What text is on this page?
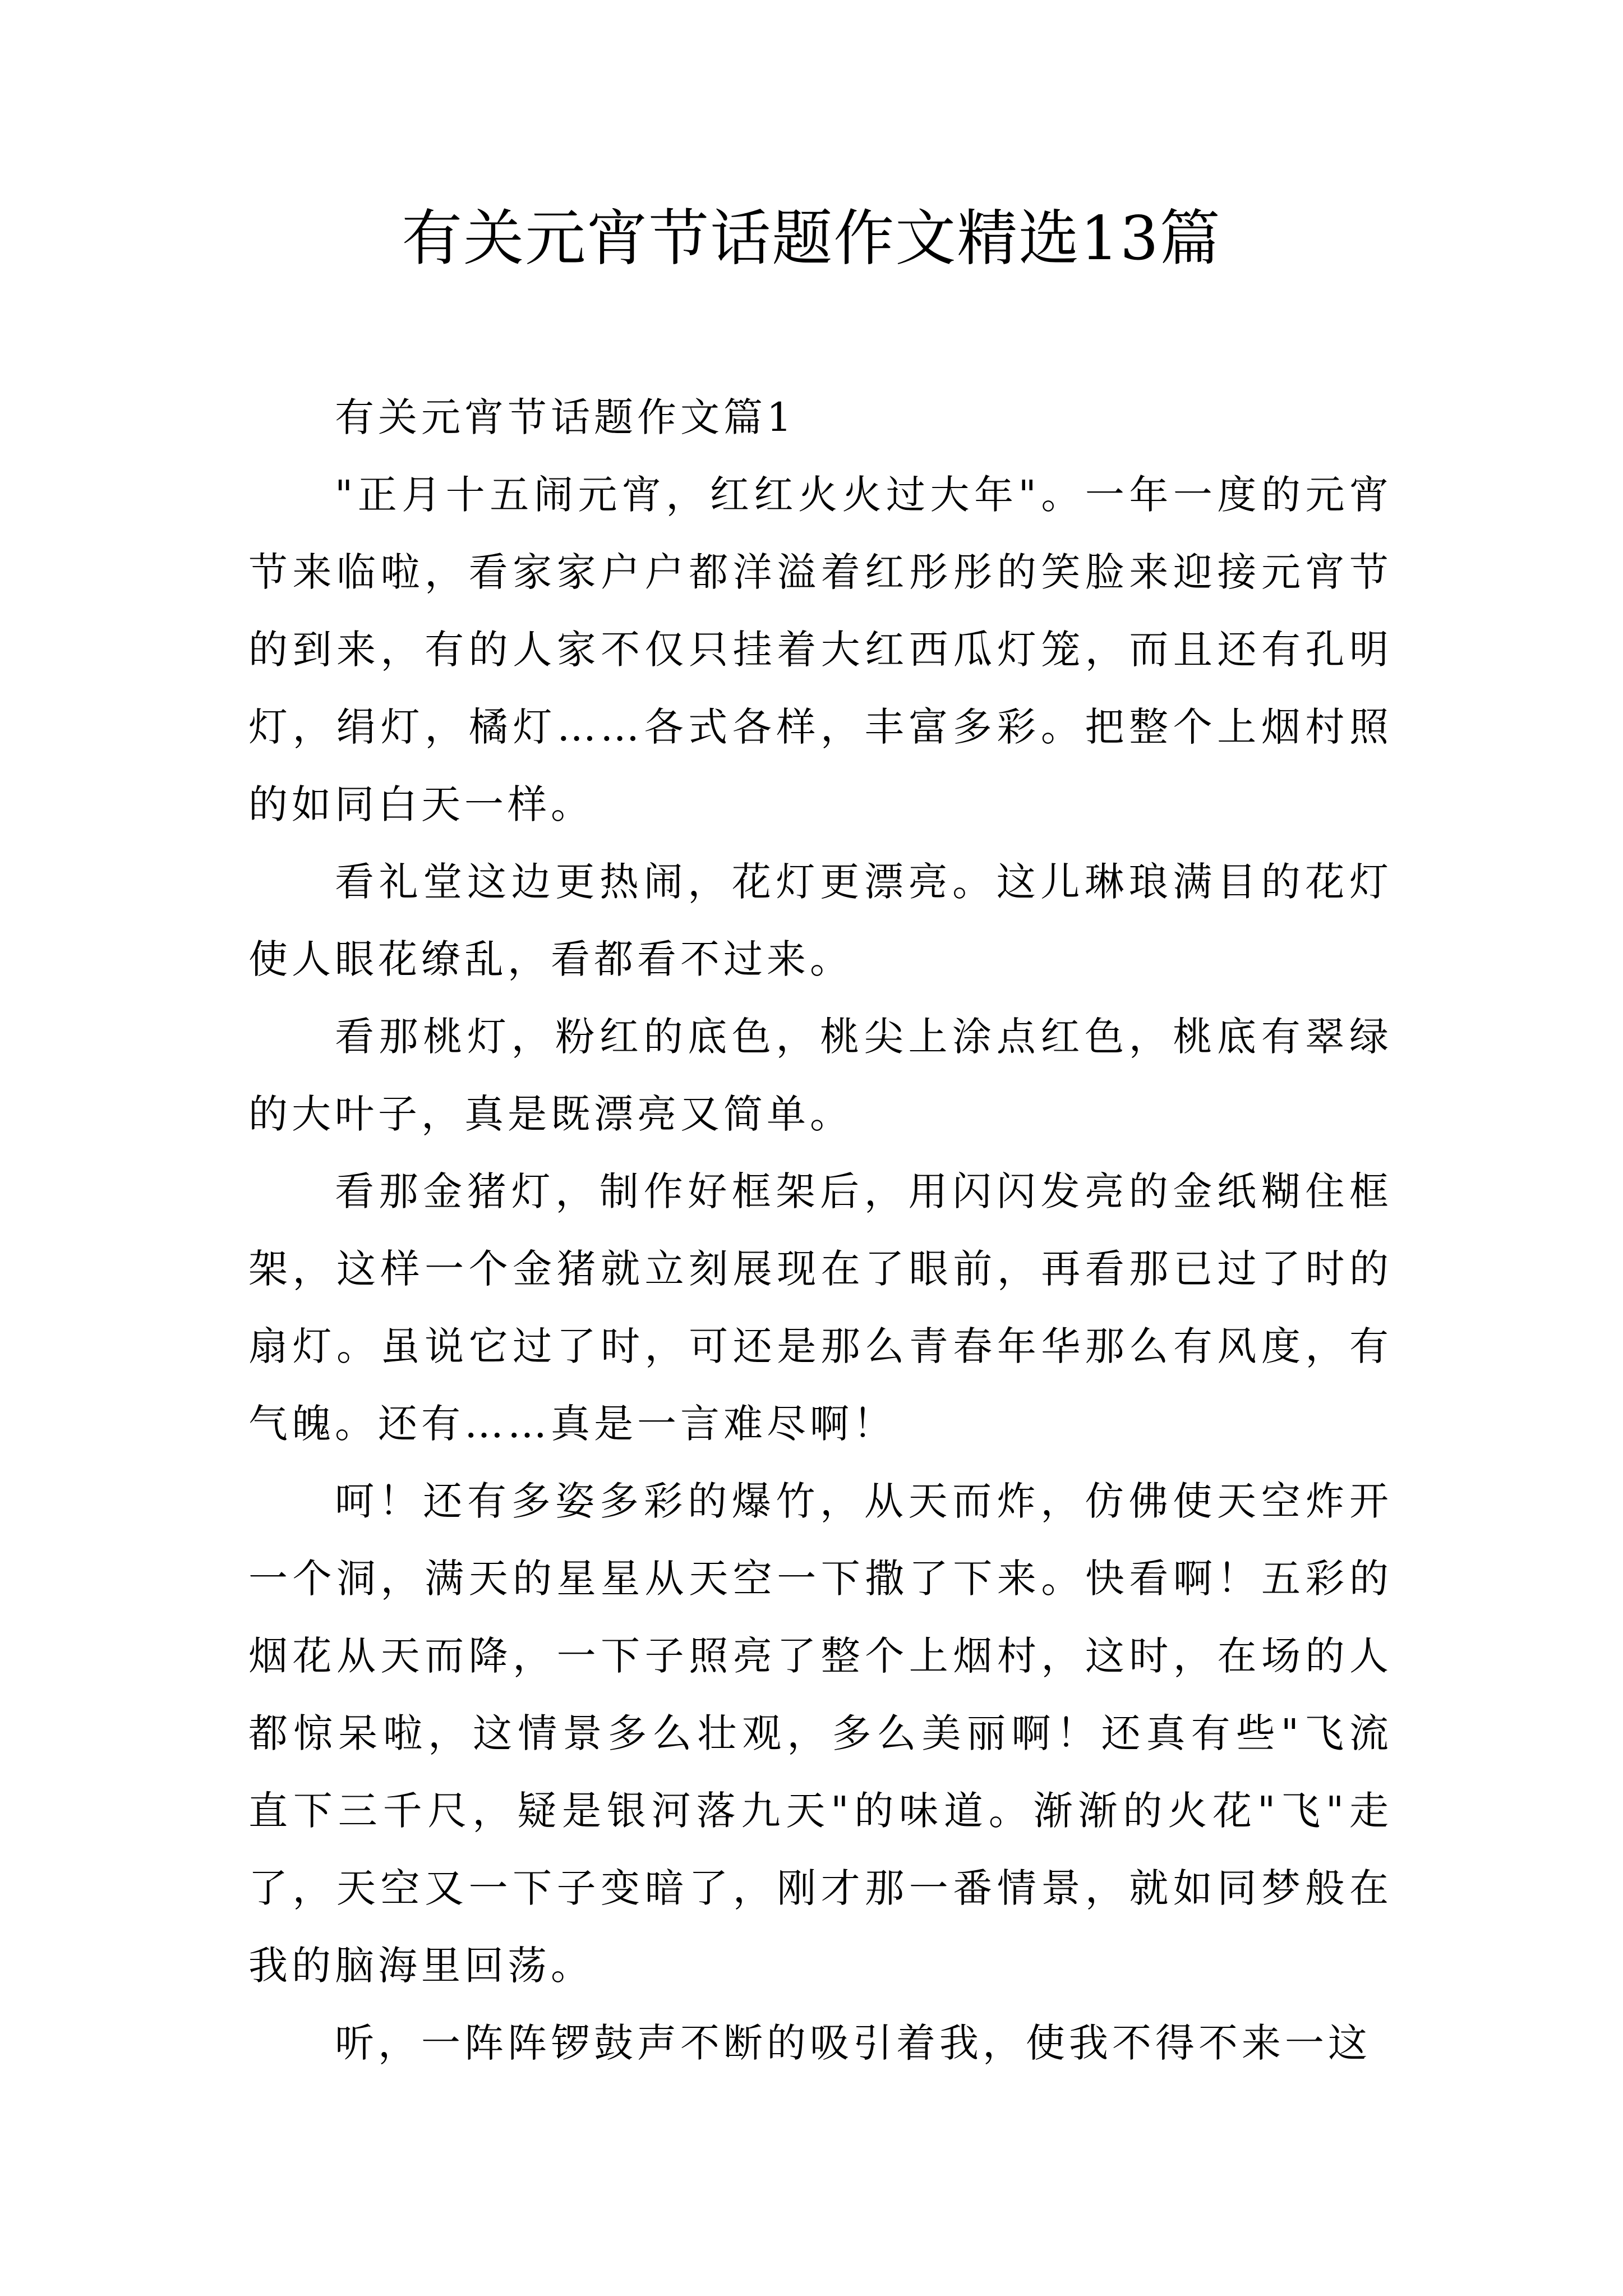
有关元宵节话题作文精选13篇

有关元宵节话题作文篇1

"正月十五闹元宵，红红火火过大年"。一年一度的元宵节来临啦，看家家户户都洋溢着红彤彤的笑脸来迎接元宵节的到来，有的人家不仅只挂着大红西瓜灯笼，而且还有孔明灯，绢灯，橘灯……各式各样，丰富多彩。把整个上烟村照的如同白天一样。

看礼堂这边更热闹，花灯更漂亮。这儿琳琅满目的花灯使人眼花缭乱，看都看不过来。

看那桃灯，粉红的底色，桃尖上涂点红色，桃底有翠绿的大叶子，真是既漂亮又简单。

看那金猪灯，制作好框架后，用闪闪发亮的金纸糊住框架，这样一个金猪就立刻展现在了眼前，再看那已过了时的扇灯。虽说它过了时，可还是那么青春年华那么有风度，有气魄。还有……真是一言难尽啊！

呵！还有多姿多彩的爆竹，从天而炸，仿佛使天空炸开一个洞，满天的星星从天空一下撒了下来。快看啊！五彩的烟花从天而降，一下子照亮了整个上烟村，这时，在场的人都惊呆啦，这情景多么壮观，多么美丽啊！还真有些"飞流直下三千尺，疑是银河落九天"的味道。渐渐的火花"飞"走了，天空又一下子变暗了，刚才那一番情景，就如同梦般在我的脑海里回荡。

听，一阵阵锣鼓声不断的吸引着我，使我不得不来一这
